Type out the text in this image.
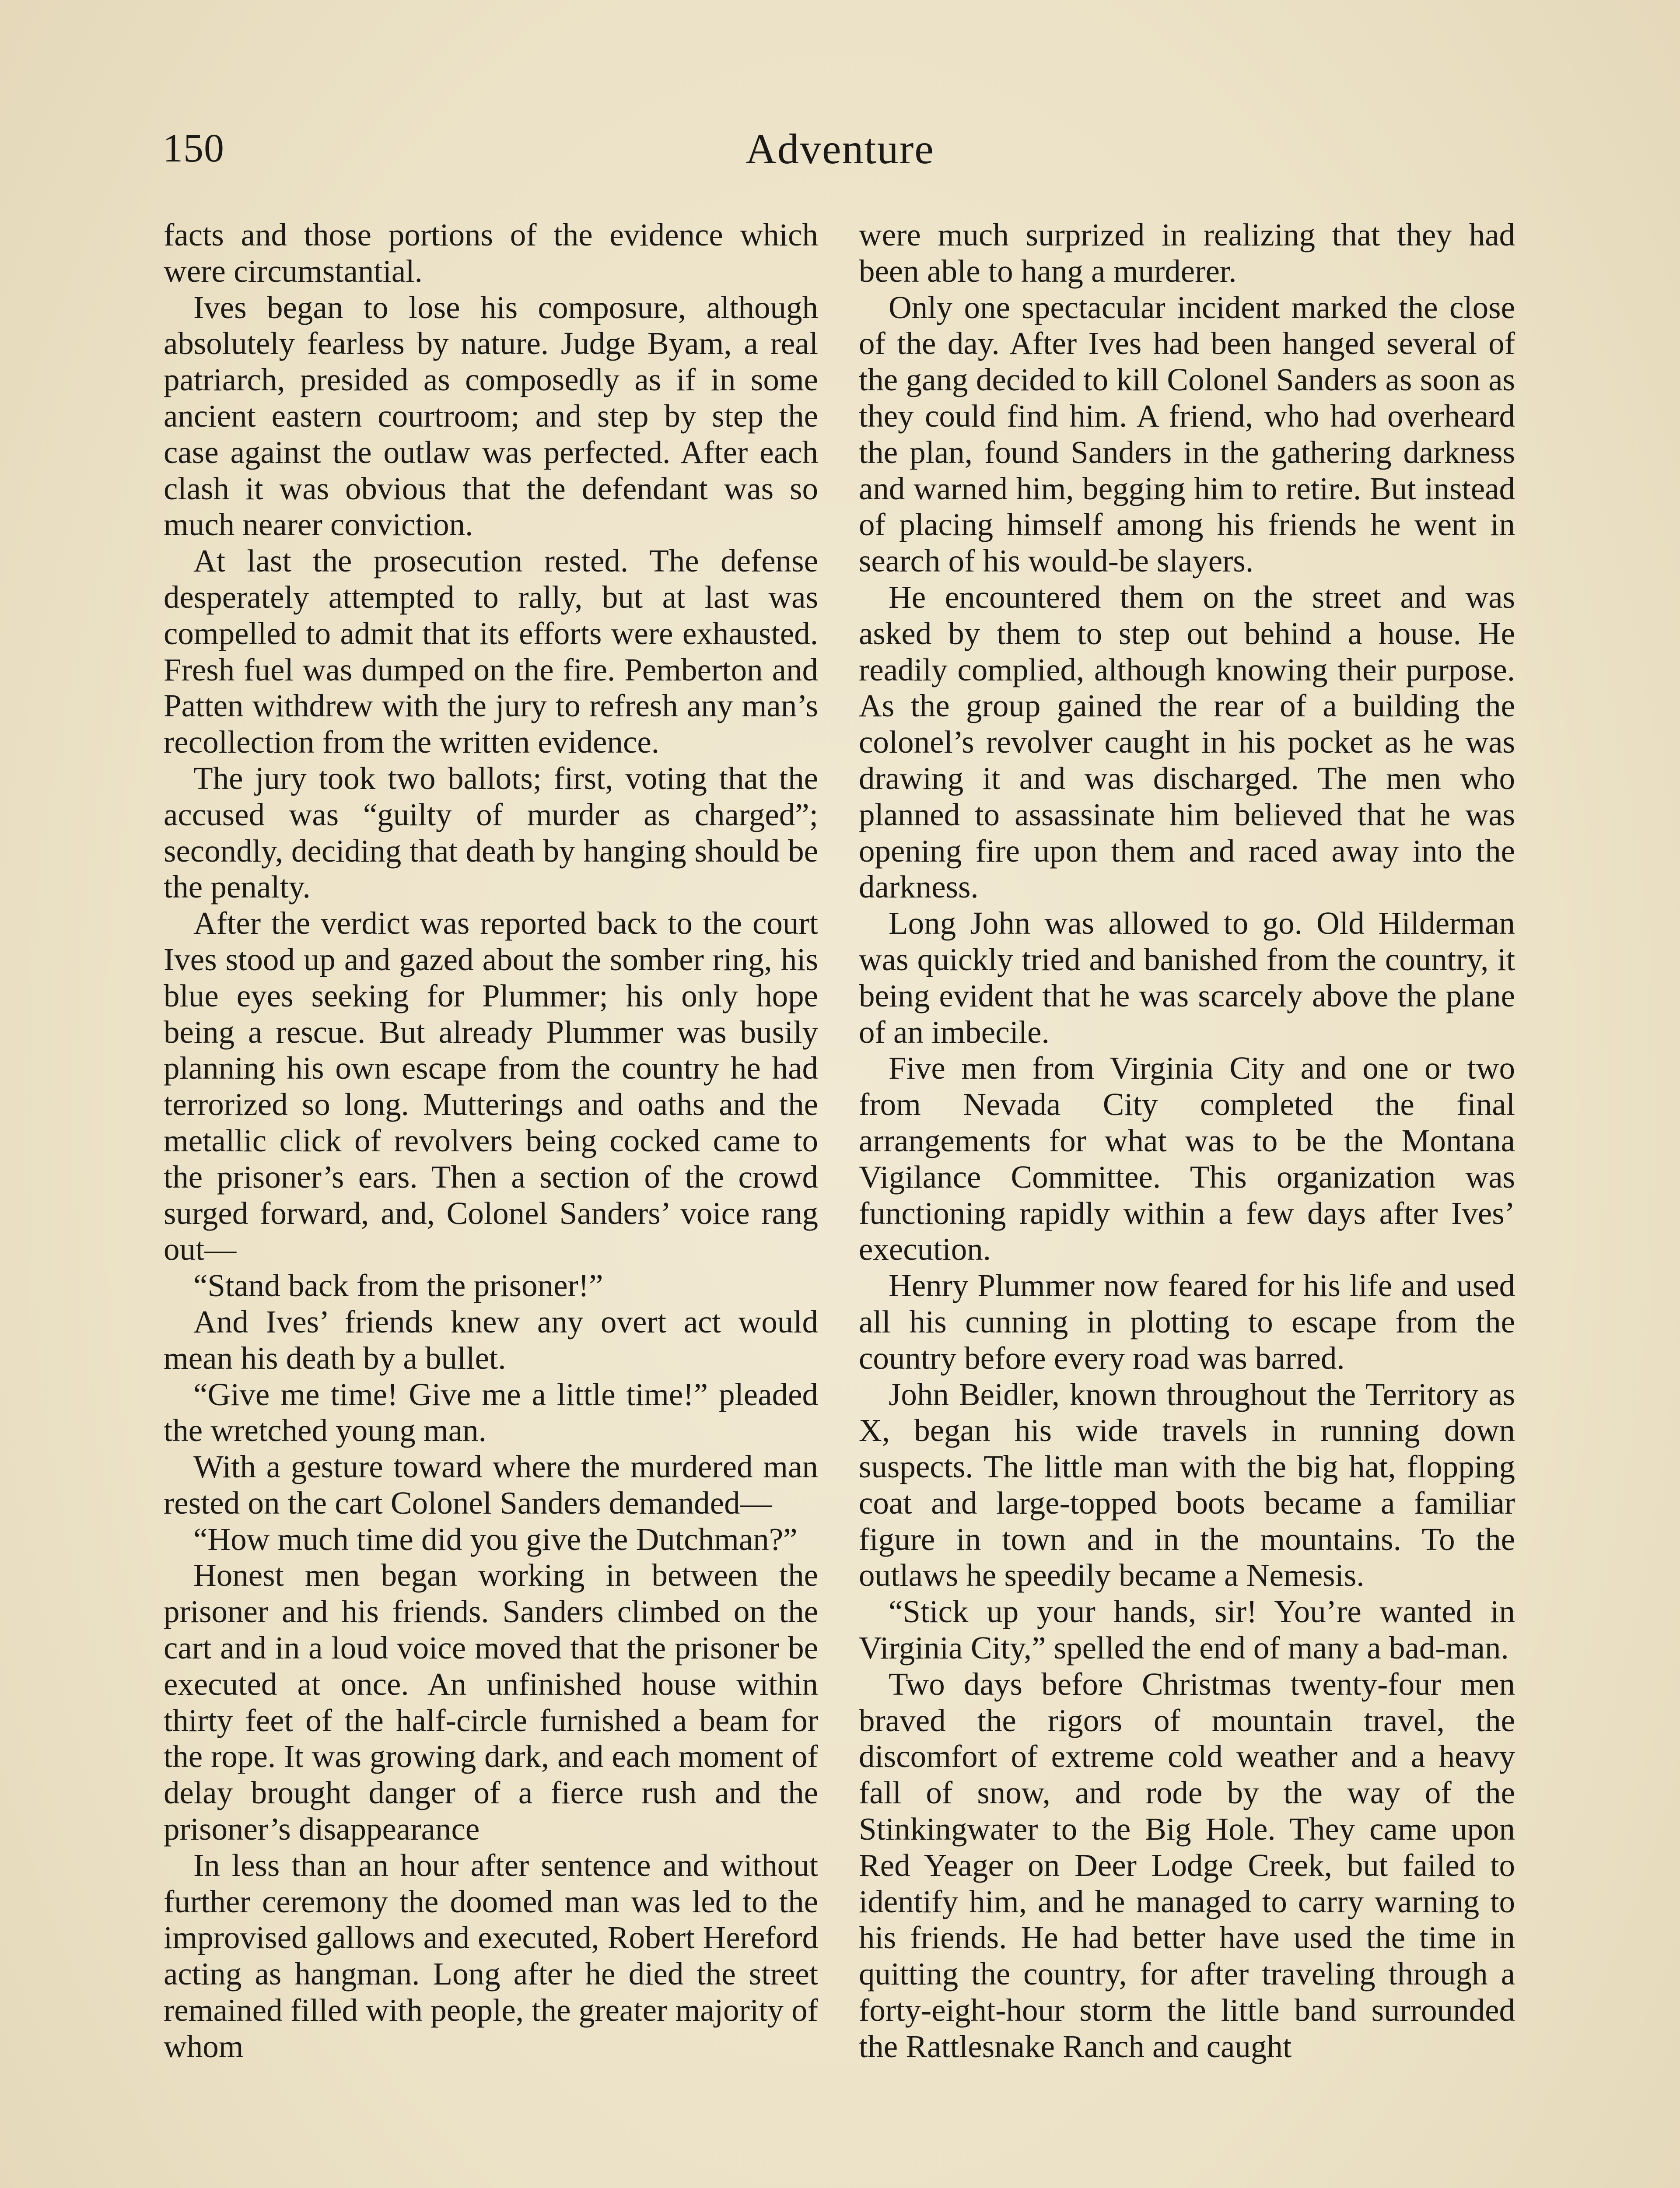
150	Adventure

facts and those portions of the evidence which were circumstantial.

Ives began to lose his composure, although absolutely fearless by nature. Judge Byam, a real patriarch, presided as composedly as if in some ancient eastern courtroom; and step by step the case against the outlaw was perfected. After each clash it was obvious that the defendant was so much nearer conviction.

At last the prosecution rested. The defense desperately attempted to rally, but at last was compelled to admit that its efforts were exhausted. Fresh fuel was dumped on the fire. Pemberton and Patten withdrew with the jury to refresh any man’s recollection from the written evidence.

The jury took two ballots; first, voting that the accused was “guilty of murder as charged”; secondly, deciding that death by hanging should be the penalty.

After the verdict was reported back to the court Ives stood up and gazed about the somber ring, his blue eyes seeking for Plummer; his only hope being a rescue. But already Plummer was busily planning his own escape from the country he had terrorized so long. Mutterings and oaths and the metallic click of revolvers being cocked came to the prisoner’s ears. Then a section of the crowd surged forward, and, Colonel Sanders’ voice rang out—

“Stand back from the prisoner!”

And Ives’ friends knew any overt act would mean his death by a bullet.

“Give me time! Give me a little time!” pleaded the wretched young man.

With a gesture toward where the murdered man rested on the cart Colonel Sanders demanded—

“How much time did you give the Dutchman?”

Honest men began working in between the prisoner and his friends. Sanders climbed on the cart and in a loud voice moved that the prisoner be executed at once. An unfinished house within thirty feet of the half-circle furnished a beam for the rope. It was growing dark, and each moment of delay brought danger of a fierce rush and the prisoner’s disappearance

In less than an hour after sentence and without further ceremony the doomed man was led to the improvised gallows and executed, Robert Hereford acting as hangman. Long after he died the street remained filled with people, the greater majority of whom

were much surprized in realizing that they had been able to hang a murderer.

Only one spectacular incident marked the close of the day. After Ives had been hanged several of the gang decided to kill Colonel Sanders as soon as they could find him. A friend, who had overheard the plan, found Sanders in the gathering darkness and warned him, begging him to retire. But instead of placing himself among his friends he went in search of his would-be slayers.

He encountered them on the street and was asked by them to step out behind a house. He readily complied, although knowing their purpose. As the group gained the rear of a building the colonel’s revolver caught in his pocket as he was drawing it and was discharged. The men who planned to assassinate him believed that he was opening fire upon them and raced away into the darkness.

Long John was allowed to go. Old Hilderman was quickly tried and banished from the country, it being evident that he was scarcely above the plane of an imbecile.

Five men from Virginia City and one or two from Nevada City completed the final arrangements for what was to be the Montana Vigilance Committee. This organization was functioning rapidly within a few days after Ives’ execution.

Henry Plummer now feared for his life and used all his cunning in plotting to escape from the country before every road was barred.

John Beidler, known throughout the Territory as X, began his wide travels in running down suspects. The little man with the big hat, flopping coat and large-topped boots became a familiar figure in town and in the mountains. To the outlaws he speedily became a Nemesis.

“Stick up your hands, sir! You’re wanted in Virginia City,” spelled the end of many a bad-man.

Two days before Christmas twenty-four men braved the rigors of mountain travel, the discomfort of extreme cold weather and a heavy fall of snow, and rode by the way of the Stinkingwater to the Big Hole. They came upon Red Yeager on Deer Lodge Creek, but failed to identify him, and he managed to carry warning to his friends. He had better have used the time in quitting the country, for after traveling through a forty-eight-hour storm the little band surrounded the Rattlesnake Ranch and caught
